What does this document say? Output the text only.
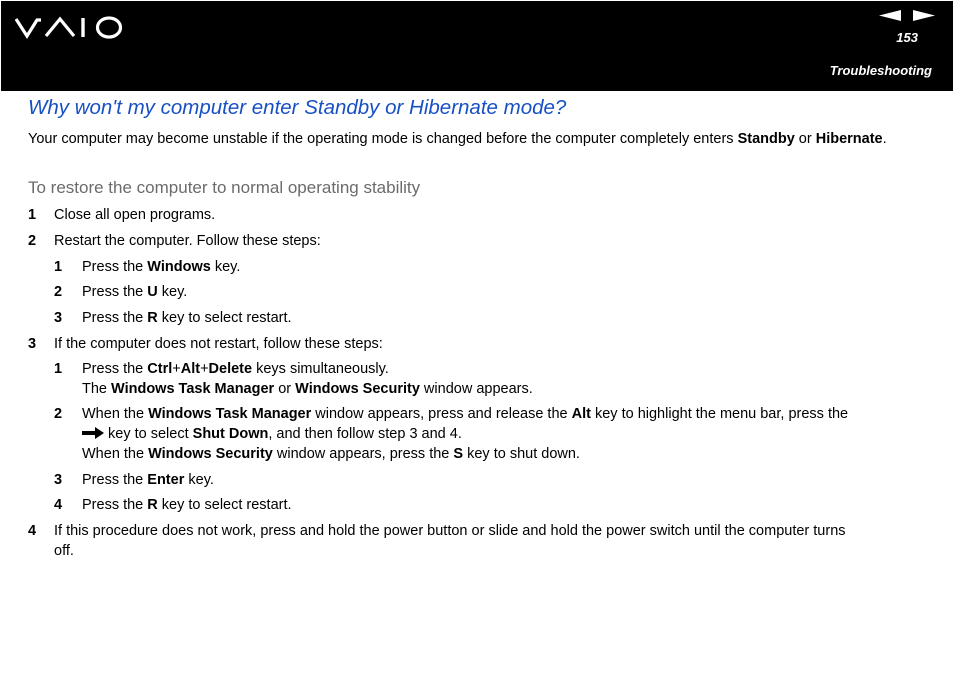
153
Troubleshooting
Why won't my computer enter Standby or Hibernate mode?

Your computer may become unstable if the operating mode is changed before the computer completely enters Standby or Hibernate.

To restore the computer to normal operating stability
1 Close all open programs.
2 Restart the computer. Follow these steps:
1 Press the Windows key.
2 Press the U key.
3 Press the R key to select restart.
3 If the computer does not restart, follow these steps:
1 Press the Ctrl+Alt+Delete keys simultaneously.
The Windows Task Manager or Windows Security window appears.
2 When the Windows Task Manager window appears, press and release the Alt key to highlight the menu bar, press the
key to select Shut Down, and then follow step 3 and 4.
When the Windows Security window appears, press the S key to shut down.
3 Press the Enter key.
4 Press the R key to select restart.
4 If this procedure does not work, press and hold the power button or slide and hold the power switch until the computer turns
off.
